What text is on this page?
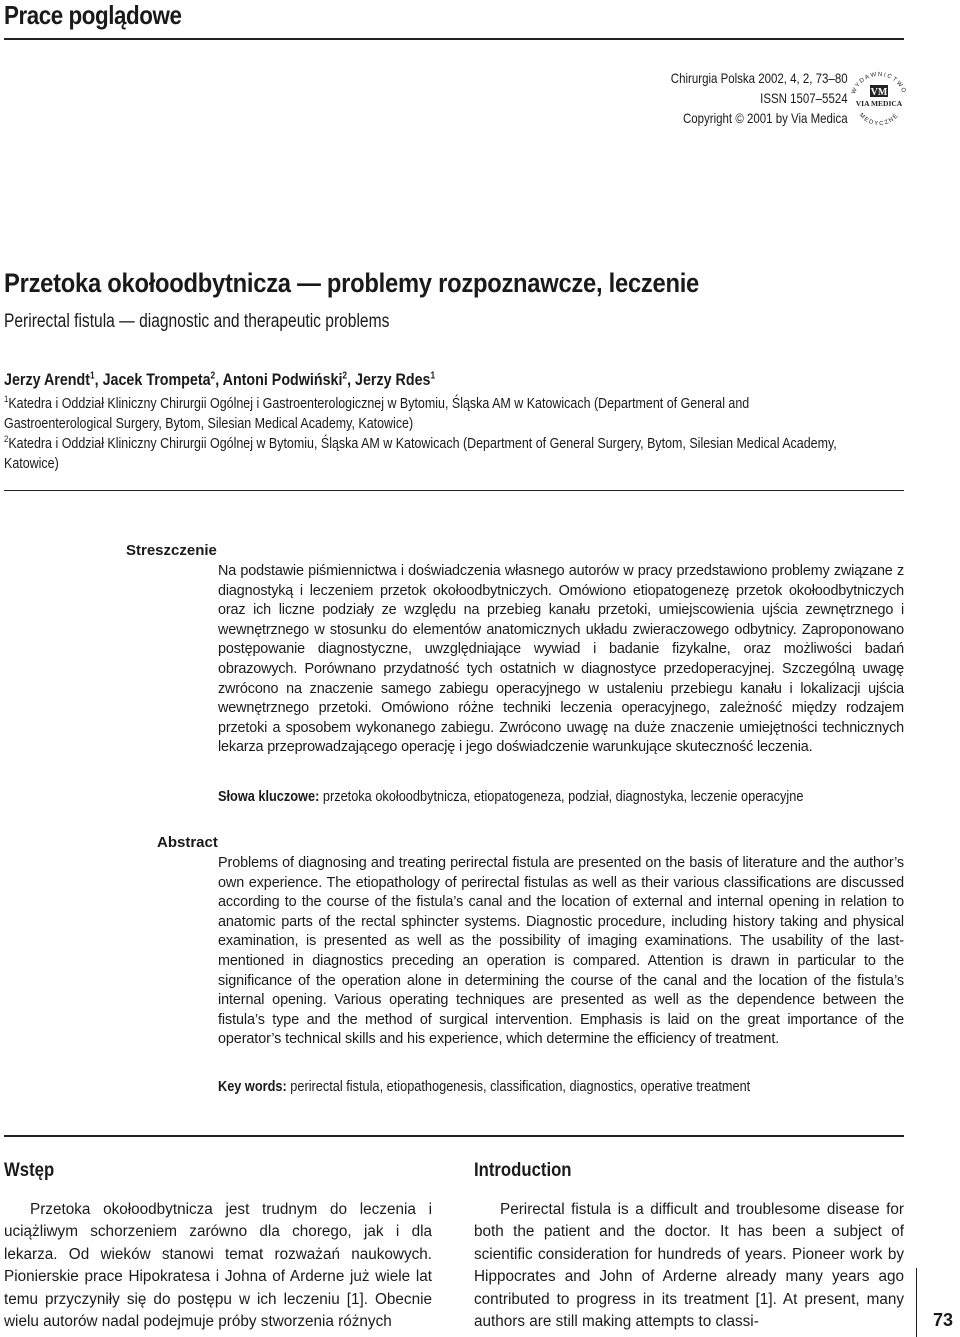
Prace poglądowe
Chirurgia Polska 2002, 4, 2, 73–80
ISSN 1507–5524
Copyright © 2001 by Via Medica
WYDAWNICTWO
VM
VIA MEDICA
MEDYCZNE
Przetoka okołoodbytnicza — problemy rozpoznawcze, leczenie
Perirectal fistula — diagnostic and therapeutic problems
Jerzy Arendt$^1$, Jacek Trompeta$^2$, Antoni Podwiński$^2$, Jerzy Rdes$^1$
$^1$Katedra i Oddział Kliniczny Chirurgii Ogólnej i Gastroenterologicznej w Bytomiu, Śląska AM w Katowicach (Department of General and Gastroenterological Surgery, Bytom, Silesian Medical Academy, Katowice)
$^2$Katedra i Oddział Kliniczny Chirurgii Ogólnej w Bytomiu, Śląska AM w Katowicach (Department of General Surgery, Bytom, Silesian Medical Academy, Katowice)
Streszczenie
Na podstawie piśmiennictwa i doświadczenia własnego autorów w pracy przedstawiono problemy związane z diagnostyką i leczeniem przetok okołoodbytniczych. Omówiono etiopatogenezę przetok okołoodbytniczych oraz ich liczne podziały ze względu na przebieg kanału przetoki, umiejscowienia ujścia zewnętrznego i wewnętrznego w stosunku do elementów anatomicznych układu zwieraczowego odbytnicy. Zaproponowano postępowanie diagnostyczne, uwzględniające wywiad i badanie fizykalne, oraz możliwości badań obrazowych. Porównano przydatność tych ostatnich w diagnostyce przedoperacyjnej. Szczególną uwagę zwrócono na znaczenie samego zabiegu operacyjnego w ustaleniu przebiegu kanału i lokalizacji ujścia wewnętrznego przetoki. Omówiono różne techniki leczenia operacyjnego, zależność między rodzajem przetoki a sposobem wykonanego zabiegu. Zwrócono uwagę na duże znaczenie umiejętności technicznych lekarza przeprowadzającego operację i jego doświadczenie warunkujące skuteczność leczenia.
Słowa kluczowe: przetoka okołoodbytnicza, etiopatogeneza, podział, diagnostyka, leczenie operacyjne
Abstract
Problems of diagnosing and treating perirectal fistula are presented on the basis of literature and the author’s own experience. The etiopathology of perirectal fistulas as well as their various classifications are discussed according to the course of the fistula’s canal and the location of external and internal opening in relation to anatomic parts of the rectal sphincter systems. Diagnostic procedure, including history taking and physical examination, is presented as well as the possibility of imaging examinations. The usability of the last-mentioned in diagnostics preceding an operation is compared. Attention is drawn in particular to the significance of the operation alone in determining the course of the canal and the location of the fistula’s internal opening. Various operating techniques are presented as well as the dependence between the fistula’s type and the method of surgical intervention. Emphasis is laid on the great importance of the operator’s technical skills and his experience, which determine the efficiency of treatment.
Key words: perirectal fistula, etiopathogenesis, classification, diagnostics, operative treatment
Wstęp	Introduction
Przetoka okołoodbytnicza jest trudnym do leczenia i uciążliwym schorzeniem zarówno dla chorego, jak i dla lekarza. Od wieków stanowi temat rozważań naukowych. Pionierskie prace Hipokratesa i Johna of Arderne już wiele lat temu przyczyniły się do postępu w ich leczeniu [1]. Obecnie wielu autorów nadal podejmuje próby stworzenia różnych
Perirectal fistula is a difficult and troublesome disease for both the patient and the doctor. It has been a subject of scientific consideration for hundreds of years. Pioneer work by Hippocrates and John of Arderne already many years ago contributed to progress in its treatment [1]. At present, many authors are still making attempts to classi-	73
